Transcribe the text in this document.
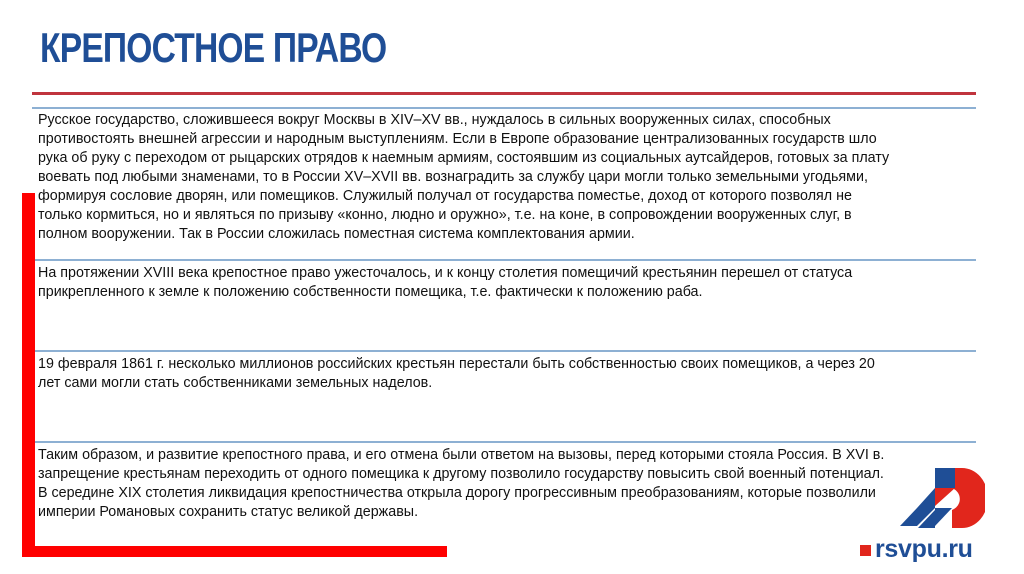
КРЕПОСТНОЕ ПРАВО
Русское государство, сложившееся вокруг Москвы в XIV–XV вв., нуждалось в сильных вооруженных силах, способных
противостоять внешней агрессии и народным выступлениям. Если в Европе образование централизованных государств шло
рука об руку с переходом от рыцарских отрядов к наемным армиям, состоявшим из социальных аутсайдеров, готовых за плату
воевать под любыми знаменами, то в России XV–XVII вв. вознаградить за службу цари могли только земельными угодьями,
формируя сословие дворян, или помещиков. Служилый получал от государства поместье, доход от которого позволял не
только кормиться, но и являться по призыву «конно, людно и оружно», т.е. на коне, в сопровождении вооруженных слуг, в
полном вооружении. Так в России сложилась поместная система комплектования армии.
На протяжении XVIII века крепостное право ужесточалось, и к концу столетия помещичий крестьянин перешел от статуса
прикрепленного к земле к положению собственности помещика, т.е. фактически к положению раба.
19 февраля 1861 г. несколько миллионов российских крестьян перестали быть собственностью своих помещиков, а через 20
лет сами могли стать собственниками земельных наделов.
Таким образом, и развитие крепостного права, и его отмена были ответом на вызовы, перед которыми стояла Россия. В XVI в.
запрещение крестьянам переходить от одного помещика к другому позволило государству повысить свой военный потенциал.
В середине XIX столетия ликвидация крепостничества открыла дорогу прогрессивным преобразованиям, которые позволили
империи Романовых сохранить статус великой державы.
rsvpu.ru
